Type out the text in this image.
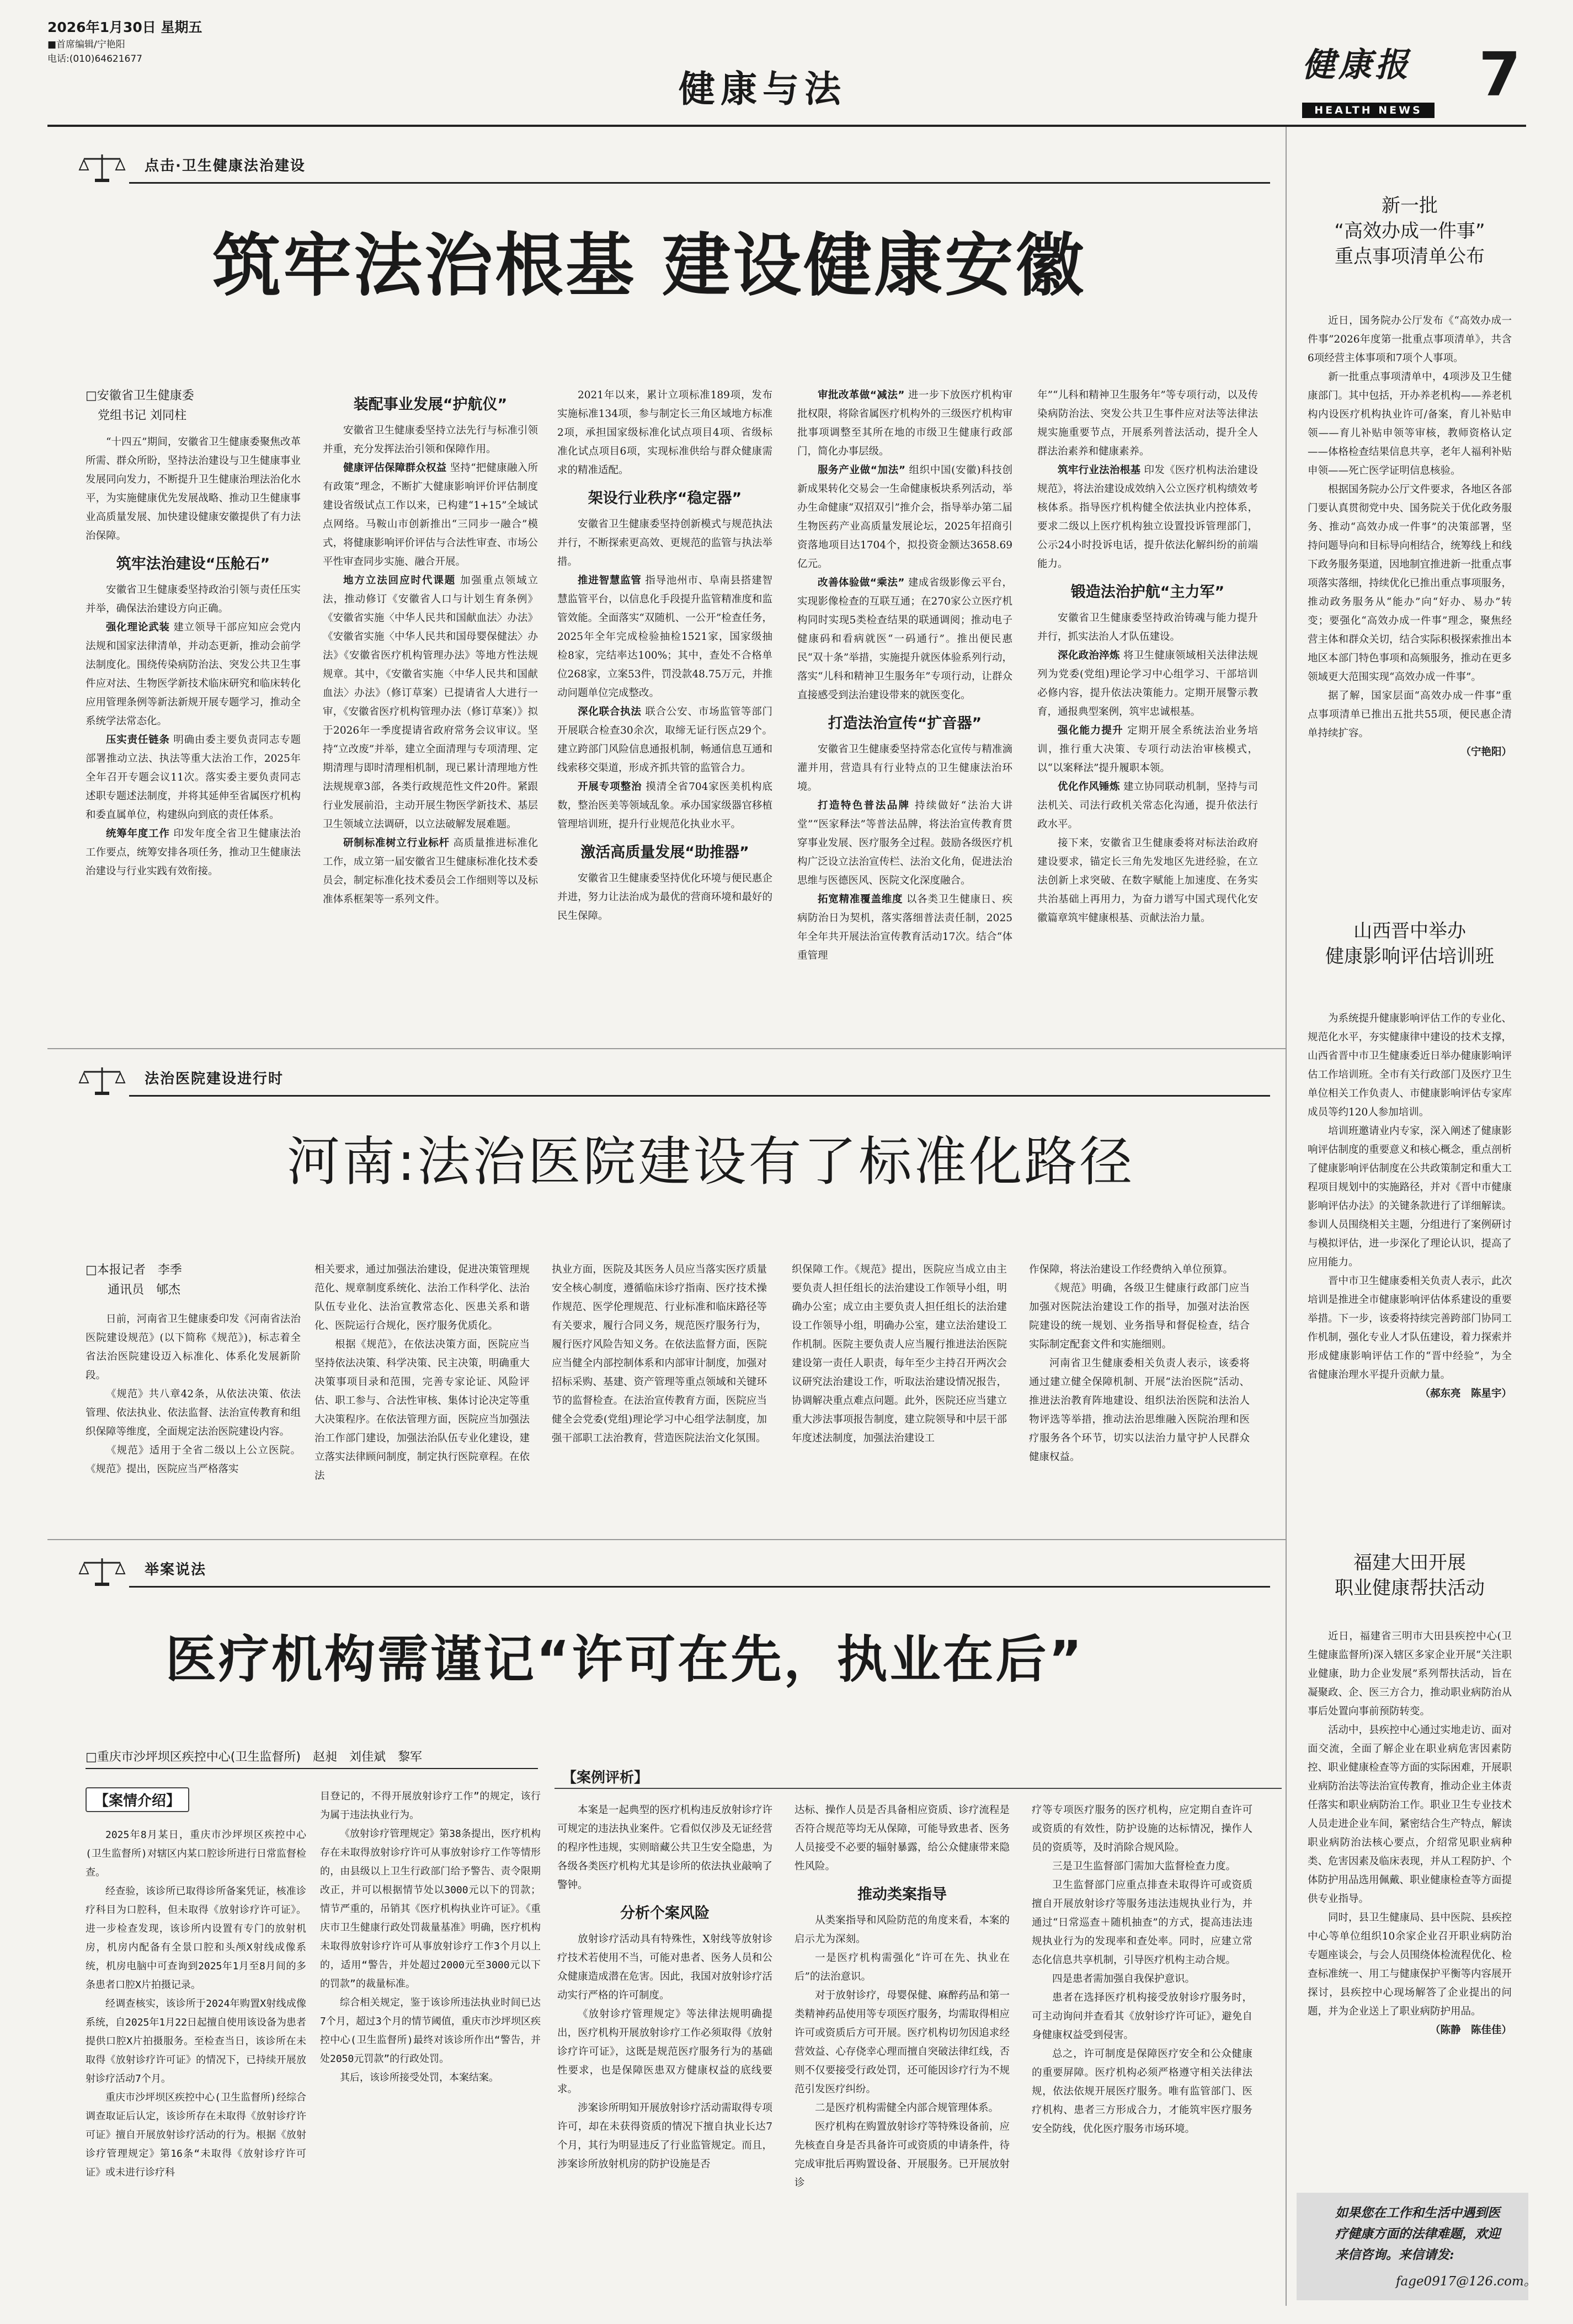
2026年1月30日 星期五
■首席编辑/宁艳阳
电话:(010)64621677
健康与法
健康报
HEALTH NEWS
7
点击·卫生健康法治建设
筑牢法治根基 建设健康安徽
□安徽省卫生健康委
党组书记 刘同柱

“十四五”期间，安徽省卫生健康委聚焦改革所需、群众所盼，坚持法治建设与卫生健康事业发展同向发力，不断提升卫生健康治理法治化水平，为实施健康优先发展战略、推动卫生健康事业高质量发展、加快建设健康安徽提供了有力法治保障。

筑牢法治建设“压舱石”

安徽省卫生健康委坚持政治引领与责任压实并举，确保法治建设方向正确。

强化理论武装 建立领导干部应知应会党内法规和国家法律清单，并动态更新，推动会前学法制度化。围绕传染病防治法、突发公共卫生事件应对法、生物医学新技术临床研究和临床转化应用管理条例等新法新规开展专题学习，推动全系统学法常态化。

压实责任链条 明确由委主要负责同志专题部署推动立法、执法等重大法治工作，2025年全年召开专题会议11次。落实委主要负责同志述职专题述法制度，并将其延伸至省属医疗机构和委直属单位，构建纵向到底的责任体系。

统筹年度工作 印发年度全省卫生健康法治工作要点，统筹安排各项任务，推动卫生健康法治建设与行业实践有效衔接。

装配事业发展“护航仪”

安徽省卫生健康委坚持立法先行与标准引领并重，充分发挥法治引领和保障作用。

健康评估保障群众权益 坚持“把健康融入所有政策”理念，不断扩大健康影响评价评估制度建设省级试点工作以来，已构建“1+15”全域试点网络。马鞍山市创新推出“三同步一融合”模式，将健康影响评价评估与合法性审查、市场公平性审查同步实施、融合开展。

地方立法回应时代课题 加强重点领域立法，推动修订《安徽省人口与计划生育条例》《安徽省实施〈中华人民共和国献血法〉办法》《安徽省实施〈中华人民共和国母婴保健法〉办法》《安徽省医疗机构管理办法》等地方性法规规章。其中，《安徽省实施〈中华人民共和国献血法〉办法》（修订草案）已提请省人大进行一审，《安徽省医疗机构管理办法（修订草案）》拟于2026年一季度提请省政府常务会议审议。坚持“立改废”并举，建立全面清理与专项清理、定期清理与即时清理相机制，现已累计清理地方性法规规章3部，各类行政规范性文件20件。紧跟行业发展前沿，主动开展生物医学新技术、基层卫生领域立法调研，以立法破解发展难题。

研制标准树立行业标杆 高质量推进标准化工作，成立第一届安徽省卫生健康标准化技术委员会，制定标准化技术委员会工作细则等以及标准体系框架等一系列文件。

2021年以来，累计立项标准189项，发布实施标准134项，参与制定长三角区域地方标准2项，承担国家级标准化试点项目4项、省级标准化试点项目6项，实现标准供给与群众健康需求的精准适配。

架设行业秩序“稳定器”

安徽省卫生健康委坚持创新模式与规范执法并行，不断探索更高效、更规范的监管与执法举措。

推进智慧监管 指导池州市、阜南县搭建智慧监管平台，以信息化手段提升监管精准度和监管效能。全面落实“双随机、一公开”检查任务，2025年全年完成检验抽检1521家，国家级抽检8家，完结率达100%；其中，查处不合格单位268家，立案53件，罚没款48.75万元，并推动问题单位完成整改。

深化联合执法 联合公安、市场监管等部门开展联合检查30余次，取缔无证行医点29个。建立跨部门风险信息通报机制，畅通信息互通和线索移交渠道，形成齐抓共管的监管合力。

开展专项整治 摸清全省704家医美机构底数，整治医美等领域乱象。承办国家级器官移植管理培训班，提升行业规范化执业水平。

激活高质量发展“助推器”

安徽省卫生健康委坚持优化环境与便民惠企并进，努力让法治成为最优的营商环境和最好的民生保障。

审批改革做“减法” 进一步下放医疗机构审批权限，将除省属医疗机构外的三级医疗机构审批事项调整至其所在地的市级卫生健康行政部门，简化办事层级。

服务产业做“加法” 组织中国(安徽)科技创新成果转化交易会一生命健康板块系列活动，举办生命健康“双招双引”推介会，指导举办第二届生物医药产业高质量发展论坛，2025年招商引资落地项目达1704个，拟投资金额达3658.69亿元。

改善体验做“乘法” 建成省级影像云平台，实现影像检查的互联互通；在270家公立医疗机构同时实现5类检查结果的联通调阅；推动电子健康码和看病就医“一码通行”。推出便民惠民“双十条”举措，实施提升就医体验系列行动，落实“儿科和精神卫生服务年”专项行动，让群众直接感受到法治建设带来的就医变化。

打造法治宣传“扩音器”

安徽省卫生健康委坚持常态化宣传与精准滴灌并用，营造具有行业特点的卫生健康法治环境。

打造特色普法品牌 持续做好“法治大讲堂”“医家释法”等普法品牌，将法治宣传教育贯穿事业发展、医疗服务全过程。鼓励各级医疗机构广泛设立法治宣传栏、法治文化角，促进法治思维与医德医风、医院文化深度融合。

拓宽精准覆盖维度 以各类卫生健康日、疾病防治日为契机，落实落细普法责任制，2025年全年共开展法治宣传教育活动17次。结合“体重管理

年”“儿科和精神卫生服务年”等专项行动，以及传染病防治法、突发公共卫生事件应对法等法律法规实施重要节点，开展系列普法活动，提升全人群法治素养和健康素养。

筑牢行业法治根基 印发《医疗机构法治建设规范》，将法治建设成效纳入公立医疗机构绩效考核体系。指导医疗机构健全依法执业内控体系，要求二级以上医疗机构独立设置投诉管理部门，公示24小时投诉电话，提升依法化解纠纷的前端能力。

锻造法治护航“主力军”

安徽省卫生健康委坚持政治铸魂与能力提升并行，抓实法治人才队伍建设。

深化政治淬炼 将卫生健康领域相关法律法规列为党委(党组)理论学习中心组学习、干部培训必修内容，提升依法决策能力。定期开展警示教育，通报典型案例，筑牢忠诚根基。

强化能力提升 定期开展全系统法治业务培训，推行重大决策、专项行动法治审核模式，以“以案释法”提升履职本领。

优化作风锤炼 建立协同联动机制，坚持与司法机关、司法行政机关常态化沟通，提升依法行政水平。

接下来，安徽省卫生健康委将对标法治政府建设要求，锚定长三角先发地区先进经验，在立法创新上求突破、在数字赋能上加速度、在务实共治基础上再用力，为奋力谱写中国式现代化安徽篇章筑牢健康根基、贡献法治力量。

新一批
“高效办成一件事”
重点事项清单公布

近日，国务院办公厅发布《“高效办成一件事”2026年度第一批重点事项清单》，共含6项经营主体事项和7项个人事项。

新一批重点事项清单中，4项涉及卫生健康部门。其中包括，开办养老机构——养老机构内设医疗机构执业许可/备案，育儿补贴申领——育儿补贴申领等审核，教师资格认定——体格检查结果信息共享，老年人福利补贴申领——死亡医学证明信息核验。

根据国务院办公厅文件要求，各地区各部门要认真贯彻党中央、国务院关于优化政务服务、推动“高效办成一件事”的决策部署，坚持问题导向和目标导向相结合，统筹线上和线下政务服务渠道，因地制宜推进新一批重点事项落实落细，持续优化已推出重点事项服务，推动政务服务从“能办”向“好办、易办”转变；要强化“高效办成一件事”理念，聚焦经营主体和群众关切，结合实际积极探索推出本地区本部门特色事项和高频服务，推动在更多领域更大范围实现“高效办成一件事”。

据了解，国家层面“高效办成一件事”重点事项清单已推出五批共55项，便民惠企清单持续扩容。

（宁艳阳）

山西晋中举办
健康影响评估培训班

为系统提升健康影响评估工作的专业化、规范化水平，夯实健康律中建设的技术支撑，山西省晋中市卫生健康委近日举办健康影响评估工作培训班。全市有关行政部门及医疗卫生单位相关工作负责人、市健康影响评估专家库成员等约120人参加培训。

培训班邀请业内专家，深入阐述了健康影响评估制度的重要意义和核心概念，重点剖析了健康影响评估制度在公共政策制定和重大工程项目规划中的实施路径，并对《晋中市健康影响评估办法》的关键条款进行了详细解读。参训人员围绕相关主题，分组进行了案例研讨与模拟评估，进一步深化了理论认识，提高了应用能力。

晋中市卫生健康委相关负责人表示，此次培训是推进全市健康影响评估体系建设的重要举措。下一步，该委将持续完善跨部门协同工作机制，强化专业人才队伍建设，着力探索并形成健康影响评估工作的“晋中经验”，为全省健康治理水平提升贡献力量。

（郝东亮　陈星宇）

法治医院建设进行时
河南:法治医院建设有了标准化路径
□本报记者　李季
通讯员　郇杰

日前，河南省卫生健康委印发《河南省法治医院建设规范》(以下简称《规范》)，标志着全省法治医院建设迈入标准化、体系化发展新阶段。

《规范》共八章42条，从依法决策、依法管理、依法执业、依法监督、法治宣传教育和组织保障等维度，全面规定法治医院建设内容。

《规范》适用于全省二级以上公立医院。《规范》提出，医院应当严格落实

相关要求，通过加强法治建设，促进决策管理规范化、规章制度系统化、法治工作科学化、法治队伍专业化、法治宣教常态化、医患关系和谐化、医院运行合规化，医疗服务优质化。

根据《规范》，在依法决策方面，医院应当坚持依法决策、科学决策、民主决策，明确重大决策事项目录和范围，完善专家论证、风险评估、职工参与、合法性审核、集体讨论决定等重大决策程序。在依法管理方面，医院应当加强法治工作部门建设，加强法治队伍专业化建设，建立落实法律顾问制度，制定执行医院章程。在依法

执业方面，医院及其医务人员应当落实医疗质量安全核心制度，遵循临床诊疗指南、医疗技术操作规范、医学伦理规范、行业标准和临床路径等有关要求，履行合同义务，规范医疗服务行为，履行医疗风险告知义务。在依法监督方面，医院应当健全内部控制体系和内部审计制度，加强对招标采购、基建、资产管理等重点领域和关键环节的监督检查。在法治宣传教育方面，医院应当健全会党委(党组)理论学习中心组学法制度，加强干部职工法治教育，营造医院法治文化氛围。

织保障工作。《规范》提出，医院应当成立由主要负责人担任组长的法治建设工作领导小组，明确办公室；成立由主要负责人担任组长的法治建设工作领导小组，明确办公室，建立法治建设工作机制。医院主要负责人应当履行推进法治医院建设第一责任人职责，每年至少主持召开两次会议研究法治建设工作，听取法治建设情况报告，协调解决重点难点问题。此外，医院还应当建立重大涉法事项报告制度，建立院领导和中层干部年度述法制度，加强法治建设工

作保障，将法治建设工作经费纳入单位预算。

《规范》明确，各级卫生健康行政部门应当加强对医院法治建设工作的指导，加强对法治医院建设的统一规划、业务指导和督促检查，结合实际制定配套文件和实施细则。

河南省卫生健康委相关负责人表示，该委将通过建立健全保障机制、开展“法治医院”活动、推进法治教育阵地建设、组织法治医院和法治人物评选等举措，推动法治思维融入医院治理和医疗服务各个环节，切实以法治力量守护人民群众健康权益。

福建大田开展
职业健康帮扶活动

近日，福建省三明市大田县疾控中心(卫生健康监督所)深入辖区多家企业开展“关注职业健康，助力企业发展”系列帮扶活动，旨在凝聚政、企、医三方合力，推动职业病防治从事后处置向事前预防转变。

活动中，县疾控中心通过实地走访、面对面交流，全面了解企业在职业病危害因素防控、职业健康检查等方面的实际困难，开展职业病防治法等法治宣传教育，推动企业主体责任落实和职业病防治工作。职业卫生专业技术人员走进企业车间，紧密结合生产特点，解读职业病防治法核心要点，介绍常见职业病种类、危害因素及临床表现，并从工程防护、个体防护用品选用佩戴、职业健康检查等方面提供专业指导。

同时，县卫生健康局、县中医院、县疾控中心等单位组织10余家企业召开职业病防治专题座谈会，与会人员围绕体检流程优化、检查标准统一、用工与健康保护平衡等内容展开探讨，县疾控中心现场解答了企业提出的问题，并为企业送上了职业病防护用品。

（陈静　陈佳佳）

如果您在工作和生活中遇到医疗健康方面的法律难题，欢迎来信咨询。来信请发:
fage0917@126.com。
举案说法
医疗机构需谨记“许可在先，执业在后”
□重庆市沙坪坝区疾控中心(卫生监督所)　赵昶　刘佳斌　黎军
【案情介绍】

2025年8月某日，重庆市沙坪坝区疾控中心(卫生监督所)对辖区内某口腔诊所进行日常监督检查。

经查验，该诊所已取得诊所备案凭证，核准诊疗科目为口腔科，但未取得《放射诊疗许可证》。进一步检查发现，该诊所内设置有专门的放射机房，机房内配备有全景口腔和头颅X射线成像系统，机房电脑中可查询到2025年1月至8月间的多条患者口腔X片拍摄记录。

经调查核实，该诊所于2024年购置X射线成像系统，自2025年1月22日起擅自使用该设备为患者提供口腔X片拍摄服务。至检查当日，该诊所在未取得《放射诊疗许可证》的情况下，已持续开展放射诊疗活动7个月。

重庆市沙坪坝区疾控中心(卫生监督所)经综合调查取证后认定，该诊所存在未取得《放射诊疗许可证》擅自开展放射诊疗活动的行为。根据《放射诊疗管理规定》第16条“未取得《放射诊疗许可证》或未进行诊疗科

目登记的，不得开展放射诊疗工作”的规定，该行为属于违法执业行为。

《放射诊疗管理规定》第38条提出，医疗机构存在未取得放射诊疗许可从事放射诊疗工作等情形的，由县级以上卫生行政部门给予警告、责令限期改正，并可以根据情节处以3000元以下的罚款；情节严重的，吊销其《医疗机构执业许可证》。《重庆市卫生健康行政处罚裁量基准》明确，医疗机构未取得放射诊疗许可从事放射诊疗工作3个月以上的，适用“警告，并处超过2000元至3000元以下的罚款”的裁量标准。

综合相关规定，鉴于该诊所违法执业时间已达7个月，超过3个月的情节阈值，重庆市沙坪坝区疾控中心(卫生监督所)最终对该诊所作出“警告，并处2050元罚款”的行政处罚。

其后，该诊所接受处罚，本案结案。

【案例评析】

本案是一起典型的医疗机构违反放射诊疗许可规定的违法执业案件。它看似仅涉及无证经营的程序性违规，实则暗藏公共卫生安全隐患，为各级各类医疗机构尤其是诊所的依法执业敲响了警钟。

分析个案风险

放射诊疗活动具有特殊性，X射线等放射诊疗技术若使用不当，可能对患者、医务人员和公众健康造成潜在危害。因此，我国对放射诊疗活动实行严格的许可制度。

《放射诊疗管理规定》等法律法规明确提出，医疗机构开展放射诊疗工作必须取得《放射诊疗许可证》，这既是规范医疗服务行为的基础性要求，也是保障医患双方健康权益的底线要求。

涉案诊所明知开展放射诊疗活动需取得专项许可，却在未获得资质的情况下擅自执业长达7个月，其行为明显违反了行业监管规定。而且，涉案诊所放射机房的防护设施是否

达标、操作人员是否具备相应资质、诊疗流程是否符合规范等均无从保障，可能导致患者、医务人员接受不必要的辐射暴露，给公众健康带来隐性风险。

推动类案指导

从类案指导和风险防范的角度来看，本案的启示尤为深刻。

一是医疗机构需强化“许可在先、执业在后”的法治意识。

对于放射诊疗，母婴保健、麻醉药品和第一类精神药品使用等专项医疗服务，均需取得相应许可或资质后方可开展。医疗机构切勿因追求经营效益、心存侥幸心理而擅自突破法律红线，否则不仅要接受行政处罚，还可能因诊疗行为不规范引发医疗纠纷。

二是医疗机构需健全内部合规管理体系。

医疗机构在购置放射诊疗等特殊设备前，应先核查自身是否具备许可或资质的申请条件，待完成审批后再购置设备、开展服务。已开展放射诊

疗等专项医疗服务的医疗机构，应定期自查许可或资质的有效性，防护设施的达标情况，操作人员的资质等，及时消除合规风险。

三是卫生监督部门需加大监督检查力度。

卫生监督部门应重点排查未取得许可或资质擅自开展放射诊疗等服务违法违规执业行为，并通过“日常巡查＋随机抽查”的方式，提高违法违规执业行为的发现率和查处率。同时，应建立常态化信息共享机制，引导医疗机构主动合规。

四是患者需加强自我保护意识。

患者在选择医疗机构接受放射诊疗服务时，可主动询问并查看其《放射诊疗许可证》，避免自身健康权益受到侵害。

总之，许可制度是保障医疗安全和公众健康的重要屏障。医疗机构必须严格遵守相关法律法规，依法依规开展医疗服务。唯有监管部门、医疗机构、患者三方形成合力，才能筑牢医疗服务安全防线，优化医疗服务市场环境。
